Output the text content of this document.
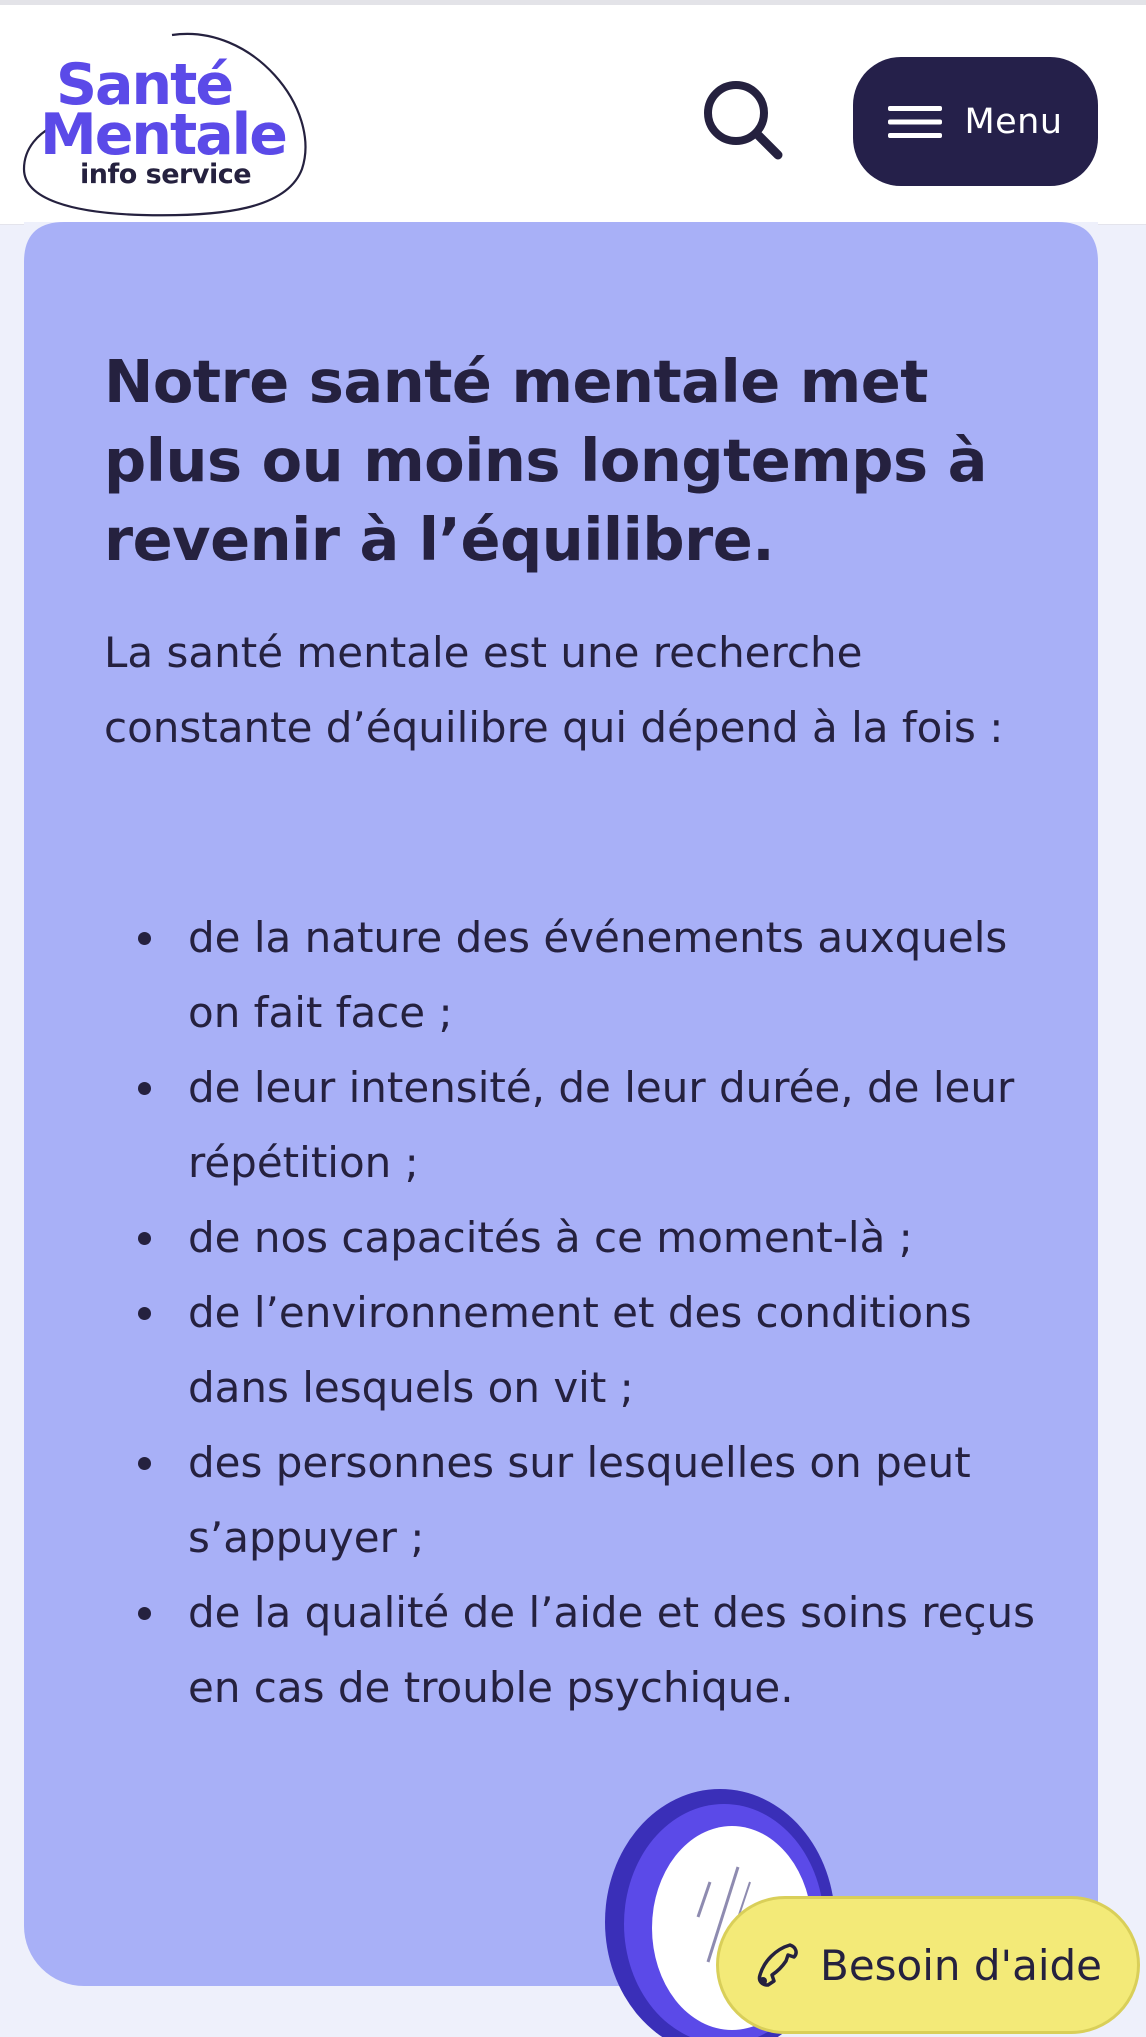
Santé
Mentale
info service
Menu
Notre santé mentale met plus ou moins longtemps à revenir à l’équilibre.

La santé mentale est une recherche constante d’équilibre qui dépend à la fois :

de la nature des événements auxquels on fait face ;
de leur intensité, de leur durée, de leur répétition ;
de nos capacités à ce moment-là ;
de l’environnement et des conditions dans lesquels on vit ;
des personnes sur lesquelles on peut s’appuyer ;
de la qualité de l’aide et des soins reçus en cas de trouble psychique.
Besoin d'aide
